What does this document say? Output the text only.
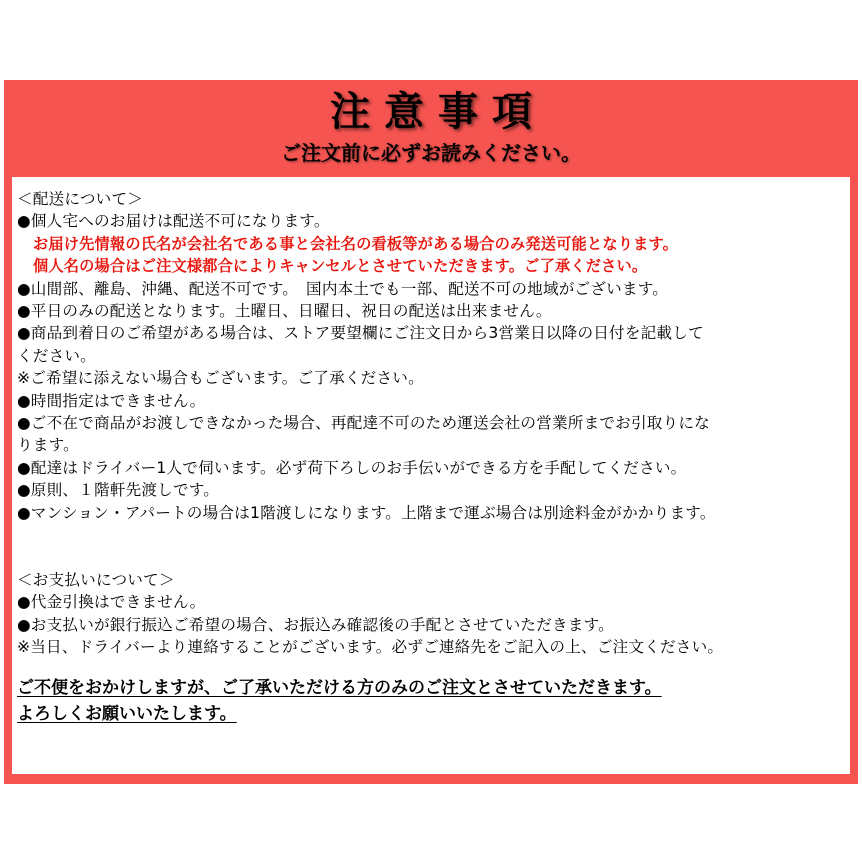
注意事項
ご注文前に必ずお読みください。
＜配送について＞
●個人宅へのお届けは配送不可になります。
お届け先情報の氏名が会社名である事と会社名の看板等がある場合のみ発送可能となります。
個人名の場合はご注文様都合によりキャンセルとさせていただきます。ご了承ください。
●山間部、離島、沖縄、配送不可です。　国内本土でも一部、配送不可の地域がございます。
●平日のみの配送となります。土曜日、日曜日、祝日の配送は出来ません。
●商品到着日のご希望がある場合は、ストア要望欄にご注文日から3営業日以降の日付を記載して
ください。
※ご希望に添えない場合もございます。ご了承ください。
●時間指定はできません。
●ご不在で商品がお渡しできなかった場合、再配達不可のため運送会社の営業所までお引取りにな
ります。
●配達はドライバー1人で伺います。必ず荷下ろしのお手伝いができる方を手配してください。
●原則、１階軒先渡しです。
●マンション・アパートの場合は1階渡しになります。上階まで運ぶ場合は別途料金がかかります。
＜お支払いについて＞
●代金引換はできません。
●お支払いが銀行振込ご希望の場合、お振込み確認後の手配とさせていただきます。
※当日、ドライバーより連絡することがございます。必ずご連絡先をご記入の上、ご注文ください。
ご不便をおかけしますが、ご了承いただける方のみのご注文とさせていただきます。
よろしくお願いいたします。
